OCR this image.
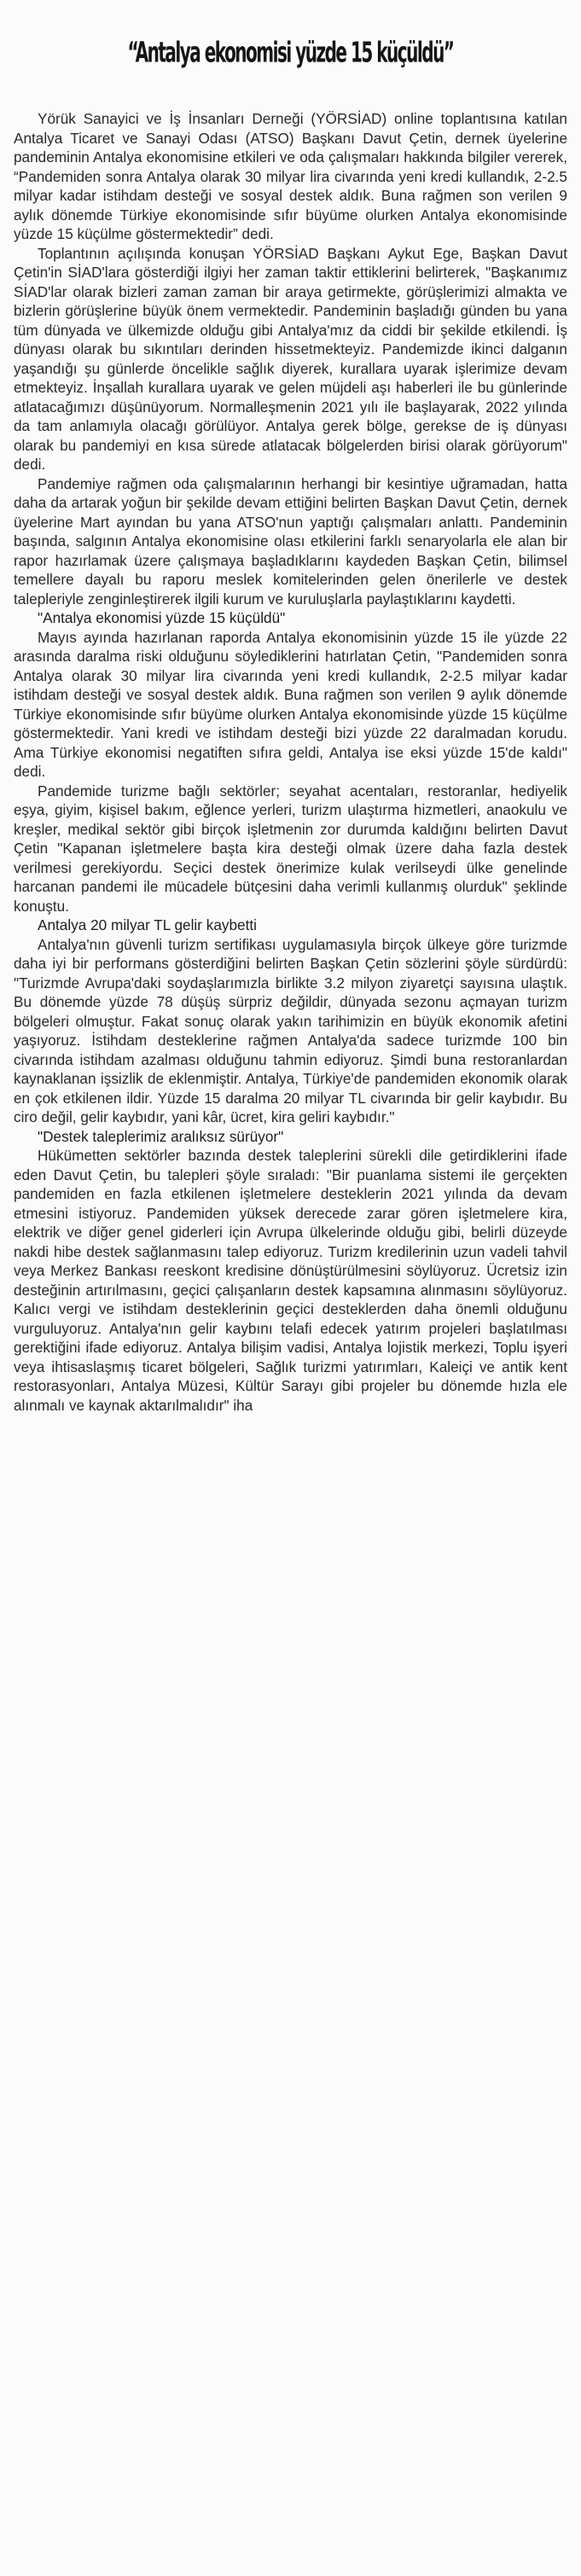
“Antalya ekonomisi yüzde 15 küçüldü”

Yörük Sanayici ve İş İnsanları Derneği (YÖRSİAD) online toplantısına katılan Antalya Ticaret ve Sanayi Odası (ATSO) Başkanı Davut Çetin, dernek üyelerine pandeminin Antalya ekonomisine etkileri ve oda çalışmaları hakkında bilgiler vererek, “Pandemiden sonra Antalya olarak 30 milyar lira civarında yeni kredi kullandık, 2-2.5 milyar kadar istihdam desteği ve sosyal destek aldık. Buna rağmen son verilen 9 aylık dönemde Türkiye ekonomisinde sıfır büyüme olurken Antalya ekonomisinde yüzde 15 küçülme göstermektedir” dedi.

Toplantının açılışında konuşan YÖRSİAD Başkanı Aykut Ege, Başkan Davut Çetin'in SİAD'lara gösterdiği ilgiyi her zaman taktir ettiklerini belirterek, "Başkanımız SİAD'lar olarak bizleri zaman zaman bir araya getirmekte, görüşlerimizi almakta ve bizlerin görüşlerine büyük önem vermektedir. Pandeminin başladığı günden bu yana tüm dünyada ve ülkemizde olduğu gibi Antalya'mız da ciddi bir şekilde etkilendi. İş dünyası olarak bu sıkıntıları derinden hissetmekteyiz. Pandemizde ikinci dalganın yaşandığı şu günlerde öncelikle sağlık diyerek, kurallara uyarak işlerimize devam etmekteyiz. İnşallah kurallara uyarak ve gelen müjdeli aşı haberleri ile bu günlerinde atlatacağımızı düşünüyorum. Normalleşmenin 2021 yılı ile başlayarak, 2022 yılında da tam anlamıyla olacağı görülüyor. Antalya gerek bölge, gerekse de iş dünyası olarak bu pandemiyi en kısa sürede atlatacak bölgelerden birisi olarak görüyorum" dedi.

Pandemiye rağmen oda çalışmalarının herhangi bir kesintiye uğramadan, hatta daha da artarak yoğun bir şekilde devam ettiğini belirten Başkan Davut Çetin, dernek üyelerine Mart ayından bu yana ATSO'nun yaptığı çalışmaları anlattı. Pandeminin başında, salgının Antalya ekonomisine olası etkilerini farklı senaryolarla ele alan bir rapor hazırlamak üzere çalışmaya başladıklarını kaydeden Başkan Çetin, bilimsel temellere dayalı bu raporu meslek komitelerinden gelen önerilerle ve destek talepleriyle zenginleştirerek ilgili kurum ve kuruluşlarla paylaştıklarını kaydetti.

"Antalya ekonomisi yüzde 15 küçüldü"

Mayıs ayında hazırlanan raporda Antalya ekonomisinin yüzde 15 ile yüzde 22 arasında daralma riski olduğunu söylediklerini hatırlatan Çetin, "Pandemiden sonra Antalya olarak 30 milyar lira civarında yeni kredi kullandık, 2-2.5 milyar kadar istihdam desteği ve sosyal destek aldık. Buna rağmen son verilen 9 aylık dönemde Türkiye ekonomisinde sıfır büyüme olurken Antalya ekonomisinde yüzde 15 küçülme göstermektedir. Yani kredi ve istihdam desteği bizi yüzde 22 daralmadan korudu. Ama Türkiye ekonomisi negatiften sıfıra geldi, Antalya ise eksi yüzde 15'de kaldı" dedi.

Pandemide turizme bağlı sektörler; seyahat acentaları, restoranlar, hediyelik eşya, giyim, kişisel bakım, eğlence yerleri, turizm ulaştırma hizmetleri, anaokulu ve kreşler, medikal sektör gibi birçok işletmenin zor durumda kaldığını belirten Davut Çetin "Kapanan işletmelere başta kira desteği olmak üzere daha fazla destek verilmesi gerekiyordu. Seçici destek önerimize kulak verilseydi ülke genelinde harcanan pandemi ile mücadele bütçesini daha verimli kullanmış olurduk" şeklinde konuştu.

Antalya 20 milyar TL gelir kaybetti

Antalya'nın güvenli turizm sertifikası uygulamasıyla birçok ülkeye göre turizmde daha iyi bir performans gösterdiğini belirten Başkan Çetin sözlerini şöyle sürdürdü: "Turizmde Avrupa'daki soydaşlarımızla birlikte 3.2 milyon ziyaretçi sayısına ulaştık. Bu dönemde yüzde 78 düşüş sürpriz değildir, dünyada sezonu açmayan turizm bölgeleri olmuştur. Fakat sonuç olarak yakın tarihimizin en büyük ekonomik afetini yaşıyoruz. İstihdam desteklerine rağmen Antalya'da sadece turizmde 100 bin civarında istihdam azalması olduğunu tahmin ediyoruz. Şimdi buna restoranlardan kaynaklanan işsizlik de eklenmiştir. Antalya, Türkiye'de pandemiden ekonomik olarak en çok etkilenen ildir. Yüzde 15 daralma 20 milyar TL civarında bir gelir kaybıdır. Bu ciro değil, gelir kaybıdır, yani kâr, ücret, kira geliri kaybıdır."

"Destek taleplerimiz aralıksız sürüyor"

Hükümetten sektörler bazında destek taleplerini sürekli dile getirdiklerini ifade eden Davut Çetin, bu talepleri şöyle sıraladı: "Bir puanlama sistemi ile gerçekten pandemiden en fazla etkilenen işletmelere desteklerin 2021 yılında da devam etmesini istiyoruz. Pandemiden yüksek derecede zarar gören işletmelere kira, elektrik ve diğer genel giderleri için Avrupa ülkelerinde olduğu gibi, belirli düzeyde nakdi hibe destek sağlanmasını talep ediyoruz. Turizm kredilerinin uzun vadeli tahvil veya Merkez Bankası reeskont kredisine dönüştürülmesini söylüyoruz. Ücretsiz izin desteğinin artırılmasını, geçici çalışanların destek kapsamına alınmasını söylüyoruz. Kalıcı vergi ve istihdam desteklerinin geçici desteklerden daha önemli olduğunu vurguluyoruz. Antalya'nın gelir kaybını telafi edecek yatırım projeleri başlatılması gerektiğini ifade ediyoruz. Antalya bilişim vadisi, Antalya lojistik merkezi, Toplu işyeri veya ihtisaslaşmış ticaret bölgeleri, Sağlık turizmi yatırımları, Kaleiçi ve antik kent restorasyonları, Antalya Müzesi, Kültür Sarayı gibi projeler bu dönemde hızla ele alınmalı ve kaynak aktarılmalıdır" iha
